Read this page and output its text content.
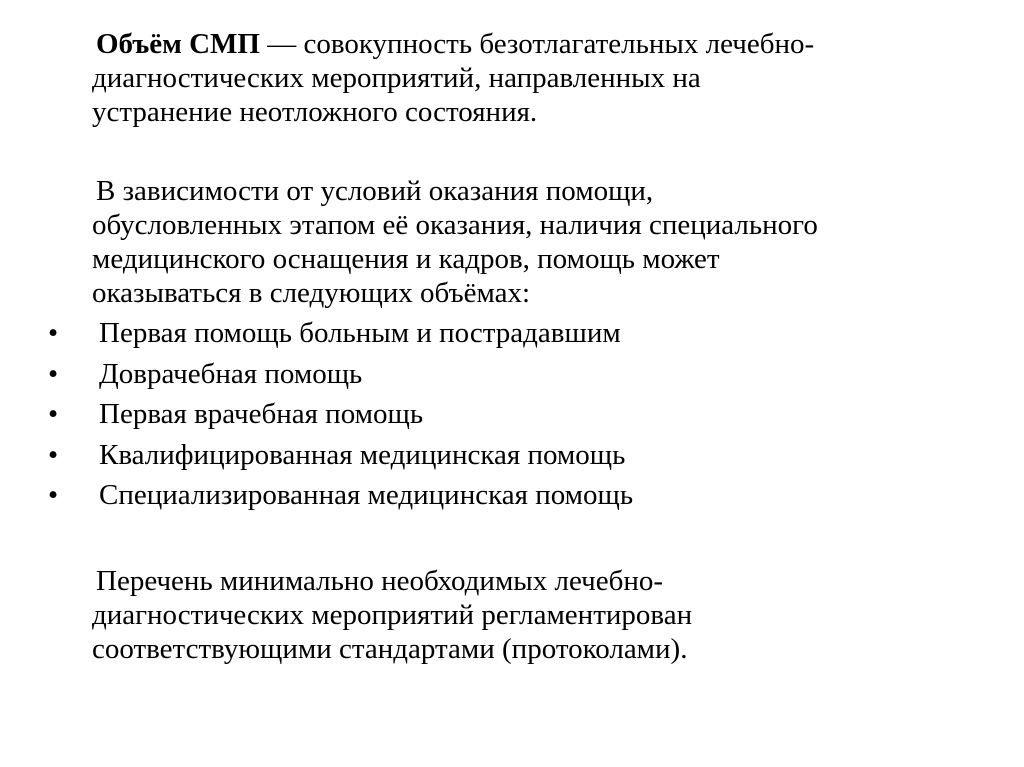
Объём СМП — совокупность безотлагательных лечебно-
диагностических мероприятий, направленных на
устранение неотложного состояния.

В зависимости от условий оказания помощи,
обусловленных этапом её оказания, наличия специального
медицинского оснащения и кадров, помощь может
оказываться в следующих объёмах:

• Первая помощь больным и пострадавшим
• Доврачебная помощь
• Первая врачебная помощь
• Квалифицированная медицинская помощь
• Специализированная медицинская помощь

Перечень минимально необходимых лечебно-
диагностических мероприятий регламентирован
соответствующими стандартами (протоколами).
